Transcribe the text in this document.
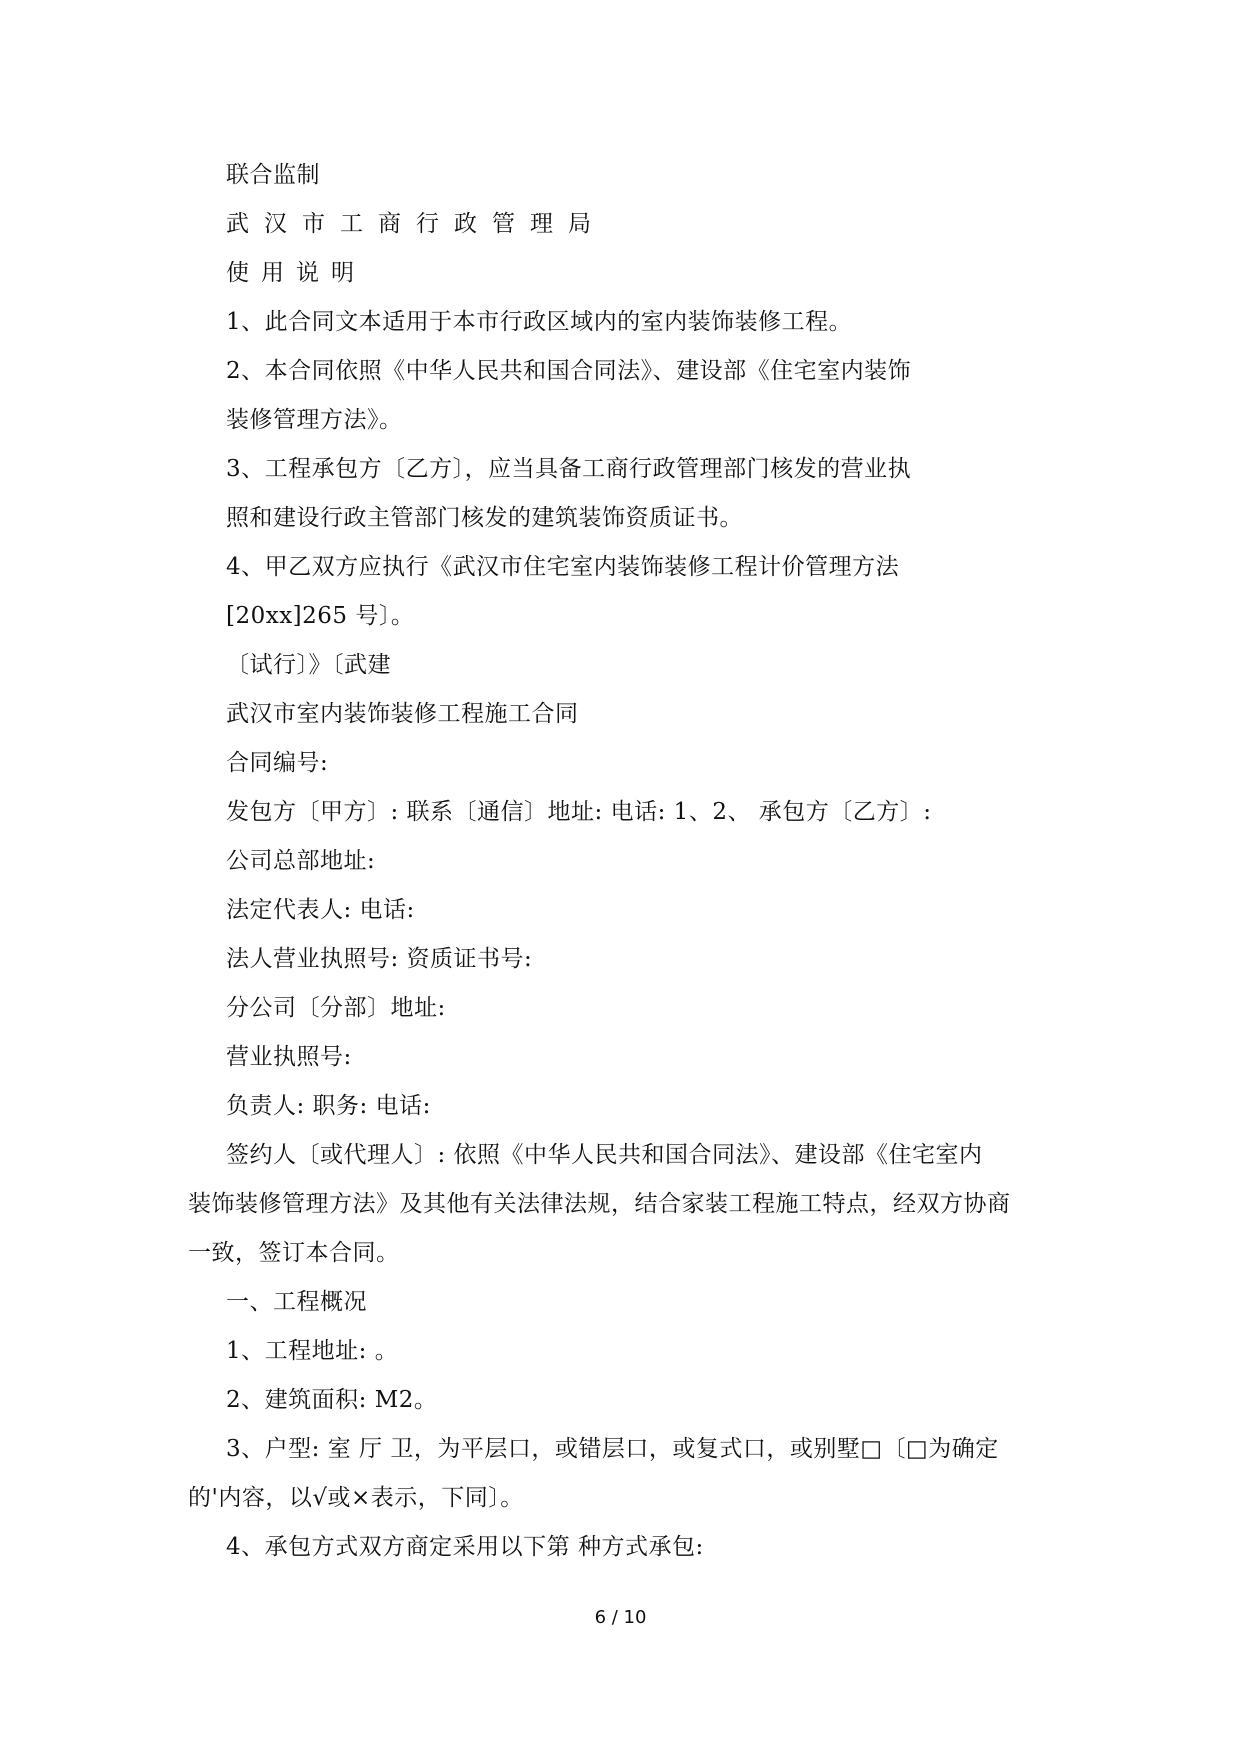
联合监制
武汉市工商行政管理局
使用说明
1、此合同文本适用于本市行政区域内的室内装饰装修工程。
2、本合同依照《中华人民共和国合同法》、建设部《住宅室内装饰
装修管理方法》。
3、工程承包方〔乙方〕，应当具备工商行政管理部门核发的营业执
照和建设行政主管部门核发的建筑装饰资质证书。
4、甲乙双方应执行《武汉市住宅室内装饰装修工程计价管理方法
[20xx]265 号〕。
〔试行〕》〔武建
武汉市室内装饰装修工程施工合同
合同编号:
发包方〔甲方〕: 联系〔通信〕地址: 电话: 1、2、 承包方〔乙方〕:
公司总部地址:
法定代表人: 电话:
法人营业执照号: 资质证书号:
分公司〔分部〕地址:
营业执照号:
负责人: 职务: 电话:
签约人〔或代理人〕: 依照《中华人民共和国合同法》、建设部《住宅室内
装饰装修管理方法》及其他有关法律法规，结合家装工程施工特点，经双方协商
一致，签订本合同。
一、工程概况
1、工程地址: 。
2、建筑面积: M2。
3、户型: 室 厅 卫，为平层口，或错层口，或复式口，或别墅□〔□为确定
的'内容，以√或×表示，下同〕。
4、承包方式双方商定采用以下第 种方式承包:
6 / 10
